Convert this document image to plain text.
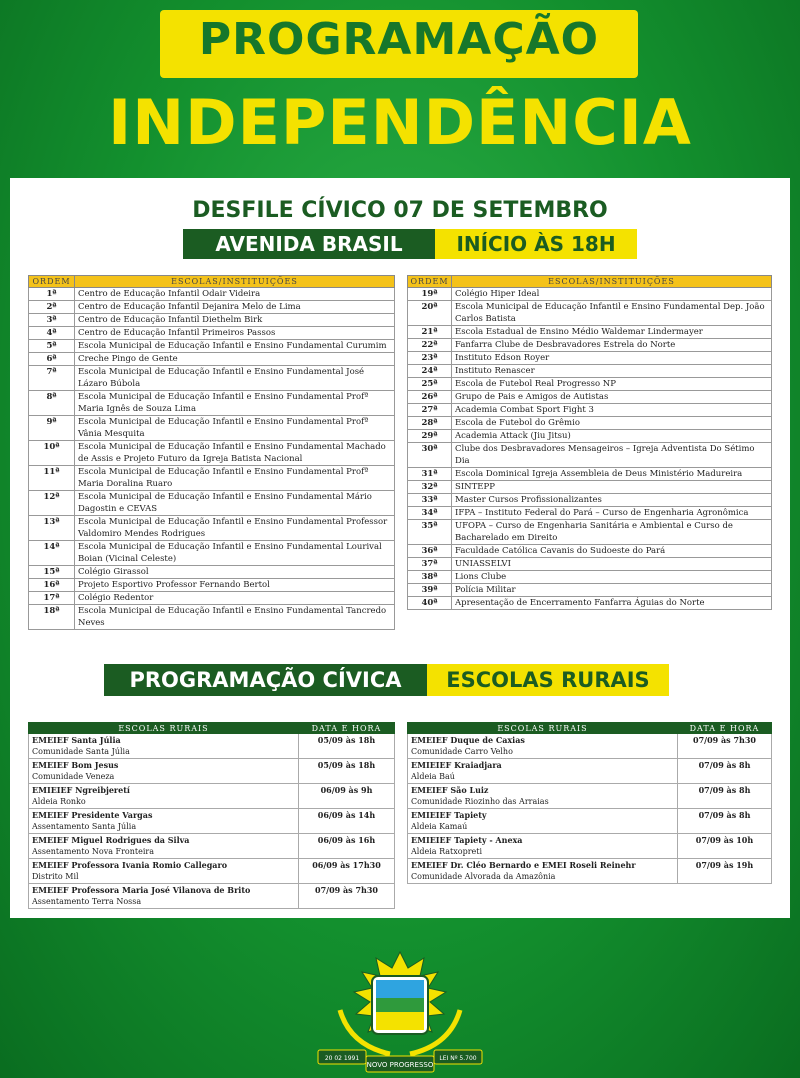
PROGRAMAÇÃO
INDEPENDÊNCIA
DESFILE CÍVICO 07 DE SETEMBRO
AVENIDA BRASIL	INÍCIO ÀS 18H
ORDEM	ESCOLAS/INSTITUIÇÕES
1ª	Centro de Educação Infantil Odair Videira
2ª	Centro de Educação Infantil Dejanira Melo de Lima
3ª	Centro de Educação Infantil Diethelm Birk
4ª	Centro de Educação Infantil Primeiros Passos
5ª	Escola Municipal de Educação Infantil e Ensino Fundamental Curumim
6ª	Creche Pingo de Gente
7ª	Escola Municipal de Educação Infantil e Ensino Fundamental José Lázaro Búbola
8ª	Escola Municipal de Educação Infantil e Ensino Fundamental Profª Maria Ignês de Souza Lima
9ª	Escola Municipal de Educação Infantil e Ensino Fundamental Profª Vânia Mesquita
10ª	Escola Municipal de Educação Infantil e Ensino Fundamental Machado de Assis e Projeto Futuro da Igreja Batista Nacional
11ª	Escola Municipal de Educação Infantil e Ensino Fundamental Profª Maria Doralina Ruaro
12ª	Escola Municipal de Educação Infantil e Ensino Fundamental Mário Dagostin e CEVAS
13ª	Escola Municipal de Educação Infantil e Ensino Fundamental Professor Valdomiro Mendes Rodrigues
14ª	Escola Municipal de Educação Infantil e Ensino Fundamental Lourival Boian (Vicinal Celeste)
15ª	Colégio Girassol
16ª	Projeto Esportivo Professor Fernando Bertol
17ª	Colégio Redentor
18ª	Escola Municipal de Educação Infantil e Ensino Fundamental Tancredo Neves
ORDEM	ESCOLAS/INSTITUIÇÕES
19ª	Colégio Hiper Ideal
20ª	Escola Municipal de Educação Infantil e Ensino Fundamental Dep. João Carlos Batista
21ª	Escola Estadual de Ensino Médio Waldemar Lindermayer
22ª	Fanfarra Clube de Desbravadores Estrela do Norte
23ª	Instituto Edson Royer
24ª	Instituto Renascer
25ª	Escola de Futebol Real Progresso NP
26ª	Grupo de Pais e Amigos de Autistas
27ª	Academia Combat Sport Fight 3
28ª	Escola de Futebol do Grêmio
29ª	Academia Attack (Jiu Jitsu)
30ª	Clube dos Desbravadores Mensageiros – Igreja Adventista Do Sétimo Dia
31ª	Escola Dominical Igreja Assembleia de Deus Ministério Madureira
32ª	SINTEPP
33ª	Master Cursos Profissionalizantes
34ª	IFPA – Instituto Federal do Pará – Curso de Engenharia Agronômica
35ª	UFOPA – Curso de Engenharia Sanitária e Ambiental e Curso de Bacharelado em Direito
36ª	Faculdade Católica Cavanis do Sudoeste do Pará
37ª	UNIASSELVI
38ª	Lions Clube
39ª	Polícia Militar
40ª	Apresentação de Encerramento Fanfarra Águias do Norte
PROGRAMAÇÃO CÍVICA	ESCOLAS RURAIS
ESCOLAS RURAIS	DATA E HORA

EMEIEF Santa Júlia
Comunidade Santa Júlia	05/09 às 18h

EMEIEF Bom Jesus
Comunidade Veneza	05/09 às 18h

EMIEIEF Ngreibjeretí
Aldeia Ronko	06/09 às 9h

EMEIEF Presidente Vargas
Assentamento Santa Júlia	06/09 às 14h

EMEIEF Miguel Rodrigues da Silva
Assentamento Nova Fronteira	06/09 às 16h

EMEIEF Professora Ivania Romio Callegaro
Distrito Mil	06/09 às 17h30

EMEIEF Professora Maria José Vilanova de Brito
Assentamento Terra Nossa	07/09 às 7h30
ESCOLAS RURAIS	DATA E HORA

EMEIEF Duque de Caxias
Comunidade Carro Velho	07/09 às 7h30

EMIEIEF Kraiadjara
Aldeia Baú	07/09 às 8h

EMEIEF São Luiz
Comunidade Riozinho das Arraias	07/09 às 8h

EMIEIEF Tapiety
Aldeia Kamaú	07/09 às 8h

EMIEIEF Tapiety - Anexa
Aldeia Ratxopreti	07/09 às 10h

EMEIEF Dr. Cléo Bernardo e EMEI Roseli Reinehr
Comunidade Alvorada da Amazônia	07/09 às 19h
20 02 1991
NOVO PROGRESSO
LEI Nº 5.700
